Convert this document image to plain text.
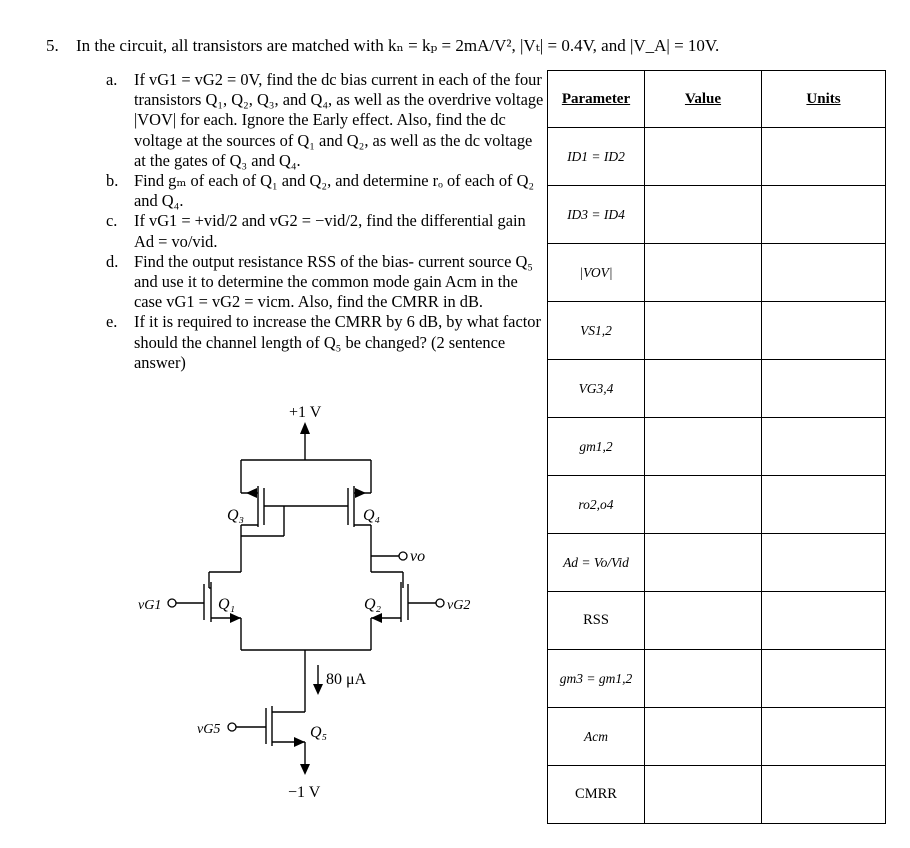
5. In the circuit, all transistors are matched with kₙ = kₚ = 2mA/V², |Vₜ| = 0.4V, and |V_A| = 10V.
a.	If vG1 = vG2 = 0V, find the dc bias current in each of the four transistors Q₁, Q₂, Q₃, and Q₄, as well as the overdrive voltage |VOV| for each. Ignore the Early effect. Also, find the dc voltage at the sources of Q₁ and Q₂, as well as the dc voltage at the gates of Q₃ and Q₄.
b. Find gₘ of each of Q₁ and Q₂, and determine rₒ of each of Q₂ and Q₄.
c.	If vG1 = +vid/2 and vG2 = −vid/2, find the differential gain Ad = vo/vid.
d. Find the output resistance RSS of the bias- current source Q₅ and use it to determine the common mode gain Acm in the case vG1 = vG2 = vicm. Also, find the CMRR in dB.
e.	If it is required to increase the CMRR by 6 dB, by what factor should the channel length of Q₅ be changed? (2 sentence answer)
+1 V
−1 V
Q₃	Q₄
Q₁	Q₂
Q₅
vG1	vG2
vG5
vo
80 μA
Parameter	Value	Units
ID1 = ID2		
ID3 = ID4		
|VOV|		
VS1,2		
VG3,4		
gm1,2		
ro2,o4		
Ad = Vo/Vid		
RSS		
gm3 = gm1,2		
Acm		
CMRR		
